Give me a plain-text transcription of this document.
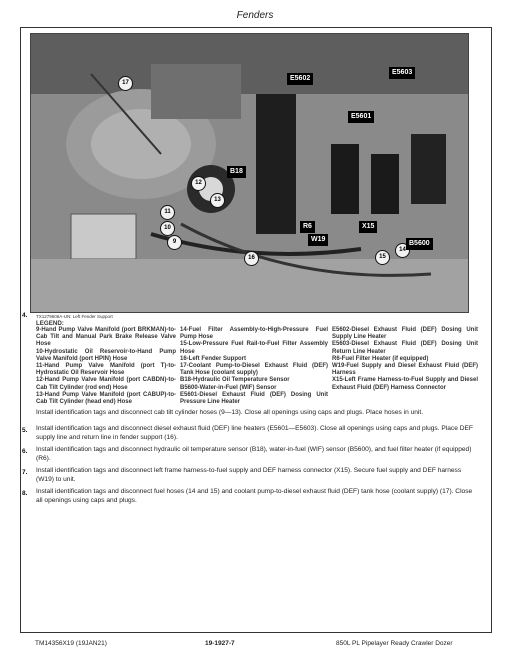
Fenders
17
9
10
11
12
13
14
15
16
E5603
E5602
E5601
B18
R6
W19
X15
B5600
4. TX1279606A-UN: Left Fender Support
LEGEND:
9-Hand Pump Valve Manifold (port BRKMAN)-to-Cab Tilt and Manual Park Brake Release Valve Hose
10-Hydrostatic Oil Reservoir-to-Hand Pump Valve Manifold (port HPIN) Hose
11-Hand Pump Valve Manifold (port T)-to-Hydrostatic Oil Reservoir Hose
12-Hand Pump Valve Manifold (port CABDN)-to-Cab Tilt Cylinder (rod end) Hose
13-Hand Pump Valve Manifold (port CABUP)-to-Cab Tilt Cylinder (head end) Hose
14-Fuel Filter Assembly-to-High-Pressure Fuel Pump Hose
15-Low-Pressure Fuel Rail-to-Fuel Filter Assembly Hose
16-Left Fender Support
17-Coolant Pump-to-Diesel Exhaust Fluid (DEF) Tank Hose (coolant supply)
B18-Hydraulic Oil Temperature Sensor
B5600-Water-in-Fuel (WIF) Sensor
E5601-Diesel Exhaust Fluid (DEF) Dosing Unit Pressure Line Heater
E5602-Diesel Exhaust Fluid (DEF) Dosing Unit Supply Line Heater
E5603-Diesel Exhaust Fluid (DEF) Dosing Unit Return Line Heater
R6-Fuel Filter Heater (if equipped)
W19-Fuel Supply and Diesel Exhaust Fluid (DEF) Harness
X15-Left Frame Harness-to-Fuel Supply and Diesel Exhaust Fluid (DEF) Harness Connector
Install identification tags and disconnect cab tilt cylinder hoses (9—13). Close all openings using caps and plugs. Place hoses in unit.
5. Install identification tags and disconnect diesel exhaust fluid (DEF) line heaters (E5601—E5603). Close all openings using caps and plugs. Place DEF supply line and return line in fender support (16).
6. Install identification tags and disconnect hydraulic oil temperature sensor (B18), water-in-fuel (WIF) sensor (B5600), and fuel filter heater (if equipped) (R6).
7. Install identification tags and disconnect left frame harness-to-fuel supply and DEF harness connector (X15). Secure fuel supply and DEF harness (W19) to unit.
8. Install identification tags and disconnect fuel hoses (14 and 15) and coolant pump-to-diesel exhaust fluid (DEF) tank hose (coolant supply) (17). Close all openings using caps and plugs.
TM14356X19 (19JAN21)	19-1927-7	850L PL Pipelayer Ready Crawler Dozer
